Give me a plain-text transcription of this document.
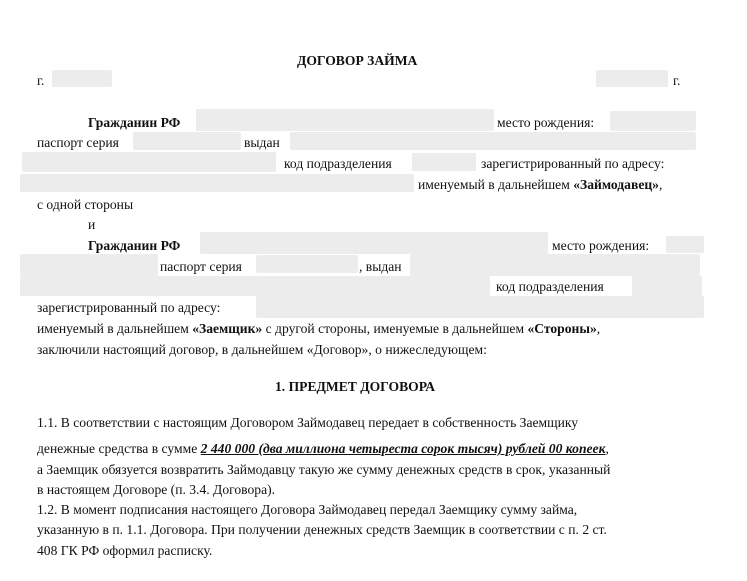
ДОГОВОР ЗАЙМА
г.	г.
Гражданин РФ	место рождения:
паспорт серия	выдан
код подразделения	зарегистрированный по адресу:
именуемый в дальнейшем «Займодавец»,
с одной стороны
и
Гражданин РФ	место рождения:
паспорт серия	, выдан
код подразделения
зарегистрированный по адресу:
именуемый в дальнейшем «Заемщик» с другой стороны, именуемые в дальнейшем «Стороны»,
заключили настоящий договор, в дальнейшем «Договор», о нижеследующем:
1. ПРЕДМЕТ ДОГОВОРА
1.1. В соответствии с настоящим Договором Займодавец передает в собственность Заемщику
денежные средства в сумме 2 440 000 (два миллиона четыреста сорок тысяч) рублей 00 копеек,
а Заемщик обязуется возвратить Займодавцу такую же сумму денежных средств в срок, указанный
в настоящем Договоре (п. 3.4. Договора).
1.2. В момент подписания настоящего Договора Займодавец передал Заемщику сумму займа,
указанную в п. 1.1. Договора. При получении денежных средств Заемщик в соответствии с п. 2 ст.
408 ГК РФ оформил расписку.
